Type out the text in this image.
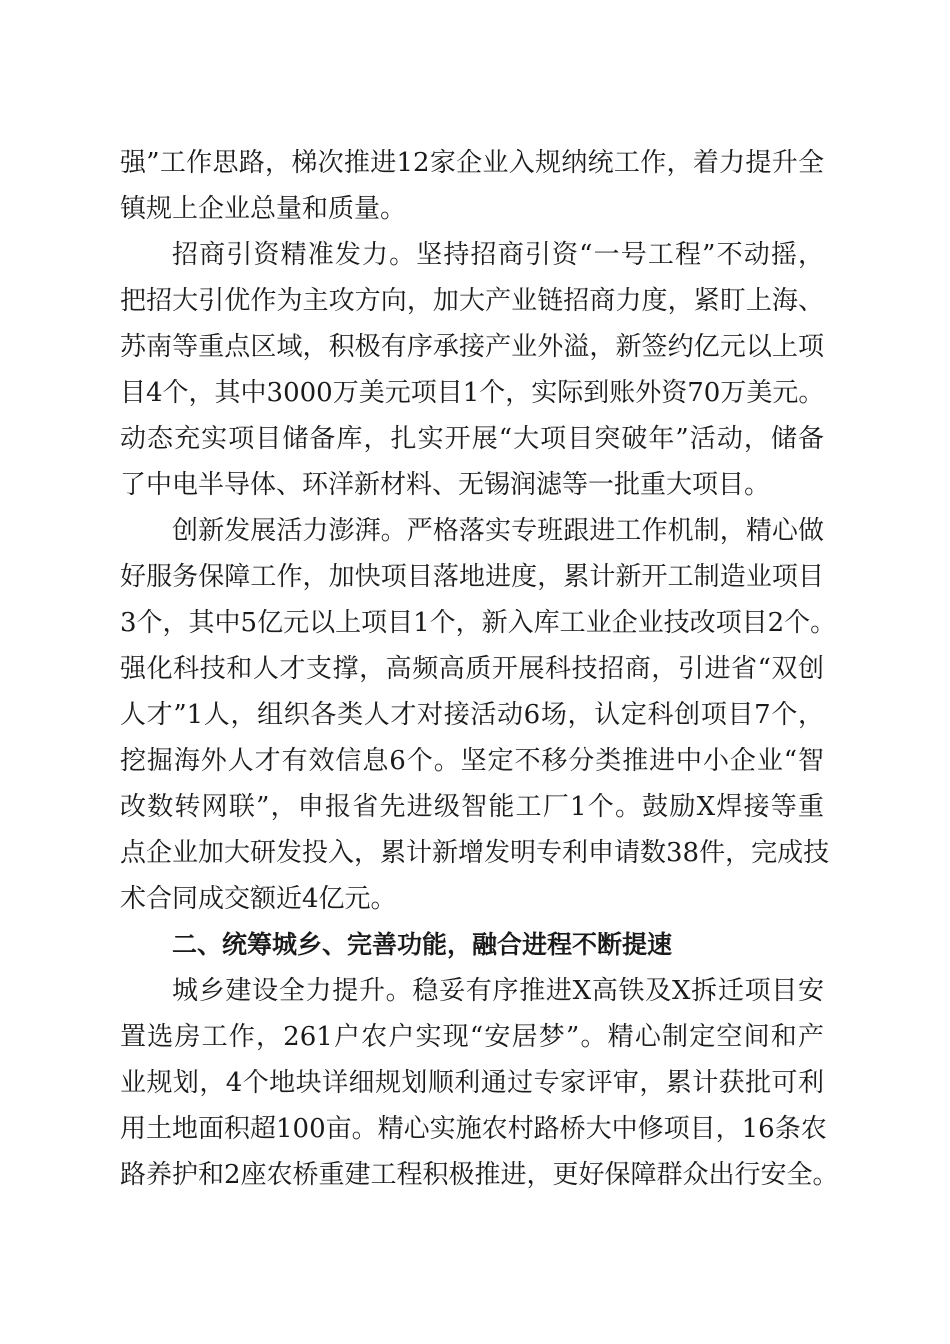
强”工作思路，梯次推进12家企业入规纳统工作，着力提升全
镇规上企业总量和质量。
招商引资精准发力。坚持招商引资“一号工程”不动摇，
把招大引优作为主攻方向，加大产业链招商力度，紧盯上海、
苏南等重点区域，积极有序承接产业外溢，新签约亿元以上项
目4个，其中3000万美元项目1个，实际到账外资70万美元。
动态充实项目储备库，扎实开展“大项目突破年”活动，储备
了中电半导体、环洋新材料、无锡润滤等一批重大项目。
创新发展活力澎湃。严格落实专班跟进工作机制，精心做
好服务保障工作，加快项目落地进度，累计新开工制造业项目
3个，其中5亿元以上项目1个，新入库工业企业技改项目2个。
强化科技和人才支撑，高频高质开展科技招商，引进省“双创
人才”1人，组织各类人才对接活动6场，认定科创项目7个，
挖掘海外人才有效信息6个。坚定不移分类推进中小企业“智
改数转网联”，申报省先进级智能工厂1个。鼓励X焊接等重
点企业加大研发投入，累计新增发明专利申请数38件，完成技
术合同成交额近4亿元。
二、统筹城乡、完善功能，融合进程不断提速
城乡建设全力提升。稳妥有序推进X高铁及X拆迁项目安
置选房工作，261户农户实现“安居梦”。精心制定空间和产
业规划，4个地块详细规划顺利通过专家评审，累计获批可利
用土地面积超100亩。精心实施农村路桥大中修项目，16条农
路养护和2座农桥重建工程积极推进，更好保障群众出行安全。
